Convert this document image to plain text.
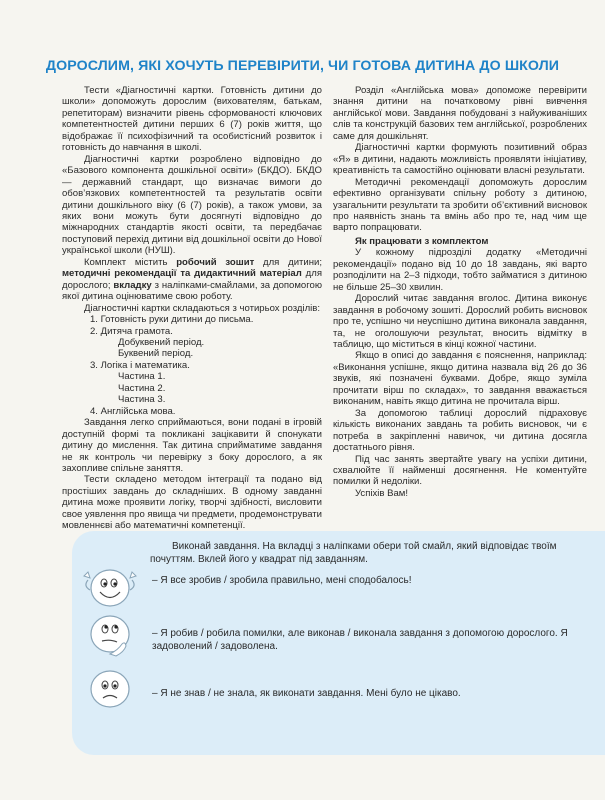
ДОРОСЛИМ, ЯКІ ХОЧУТЬ ПЕРЕВІРИТИ, ЧИ ГОТОВА ДИТИНА ДО ШКОЛИ

Тести «Діагностичні картки. Готовність дитини до школи» допоможуть дорослим (вихователям, батькам, репетиторам) визначити рівень сформованості ключових компетентностей дитини перших 6 (7) років життя, що відображає її психофізичний та особистісний розвиток і готовність до навчання в школі.

Діагностичні картки розроблено відповідно до «Базового компонента дошкільної освіти» (БКДО). БКДО — державний стандарт, що визначає вимоги до обов’язкових компетентностей та результатів освіти дитини дошкільного віку (6 (7) років), а також умови, за яких вони можуть бути досягнуті відповідно до міжнародних стандартів якості освіти, та передбачає поступовий перехід дитини від дошкільної освіти до Нової української школи (НУШ).

Комплект містить робочий зошит для дитини; методичні рекомендації та дидактичний матеріал для дорослого; вкладку з наліпками-смайлами, за допомогою якої дитина оцінюватиме свою роботу.

Діагностичні картки складаються з чотирьох розділів:

1. Готовність руки дитини до письма.
2. Дитяча грамота.
Добуквений період.
Буквений період.
3. Логіка і математика.
Частина 1.
Частина 2.
Частина 3.
4. Англійська мова.

Завдання легко сприймаються, вони подані в ігровій доступній формі та покликані зацікавити й спонукати дитину до мислення. Так дитина сприйматиме завдання не як контроль чи перевірку з боку дорослого, а як захопливе спільне заняття.

Тести складено методом інтеграції та подано від простіших завдань до складніших. В одному завданні дитина може проявити логіку, творчі здібності, висловити свое уявлення про явища чи предмети, продемонструвати мовленнєві або математичні компетенції.

Розділ «Англійська мова» допоможе перевірити знання дитини на початковому рівні вивчення англійської мови. Завдання побудовані з найуживаніших слів та конструкцій базових тем англійської, розроблених саме для дошкільнят.

Діагностичні картки формують позитивний образ «Я» в дитини, надають можливість проявляти ініціативу, креативність та самостійно оцінювати власні результати.

Методичні рекомендації допоможуть дорослим ефективно організувати спільну роботу з дитиною, узагальнити результати та зробити об’єктивний висновок про наявність знань та вмінь або про те, над чим ще варто попрацювати.

Як працювати з комплектом

У кожному підрозділі додатку «Методичні рекомендації» подано від 10 до 18 завдань, які варто розподілити на 2–3 підходи, тобто займатися з дитиною не більше 25–30 хвилин.

Дорослий читає завдання вголос. Дитина виконує завдання в робочому зошиті. Дорослий робить висновок про те, успішно чи неуспішно дитина виконала завдання, та, не оголошуючи результат, вносить відмітку в таблицю, що міститься в кінці кожної частини.

Якщо в описі до завдання є пояснення, наприклад: «Виконання успішне, якщо дитина назвала від 26 до 36 звуків, які позначені буквами. Добре, якщо зуміла прочитати вірш по складах», то завдання вважається виконаним, навіть якщо дитина не прочитала вірш.

За допомогою таблиці дорослий підраховує кількість виконаних завдань та робить висновок, чи є потреба в закріпленні навичок, чи дитина досягла достатнього рівня.

Під час занять звертайте увагу на успіхи дитини, схвалюйте її найменші досягнення. Не коментуйте помилки й недоліки.

Успіхів Вам!

Виконай завдання. На вкладці з наліпками обери той смайл, який відповідає твоїм почуттям. Вклей його у квадрат під завданням.
– Я все зробив / зробила правильно, мені сподобалось!
– Я робив / робила помилки, але виконав / виконала завдання з допомогою дорослого. Я задоволений / задоволена.
– Я не знав / не знала, як виконати завдання. Мені було не цікаво.
